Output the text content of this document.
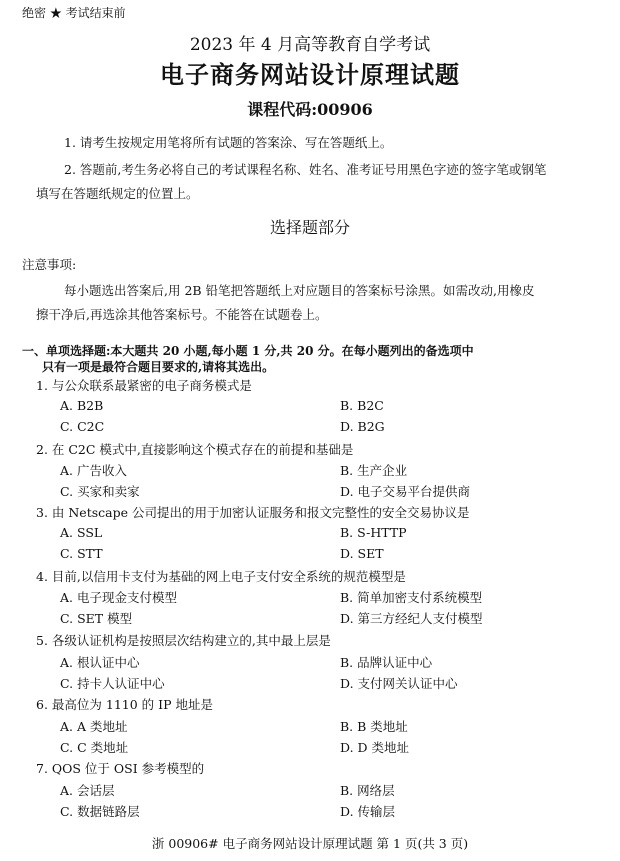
绝密 ★ 考试结束前
2023 年 4 月高等教育自学考试
电子商务网站设计原理试题
课程代码:00906
1. 请考生按规定用笔将所有试题的答案涂、写在答题纸上。
2. 答题前,考生务必将自己的考试课程名称、姓名、准考证号用黑色字迹的签字笔或钢笔
填写在答题纸规定的位置上。
选择题部分
注意事项:
每小题选出答案后,用 2B 铅笔把答题纸上对应题目的答案标号涂黑。如需改动,用橡皮
擦干净后,再选涂其他答案标号。不能答在试题卷上。
一、单项选择题:本大题共 20 小题,每小题 1 分,共 20 分。在每小题列出的备选项中
只有一项是最符合题目要求的,请将其选出。
1. 与公众联系最紧密的电子商务模式是
A. B2B	B. B2C
C. C2C	D. B2G
2. 在 C2C 模式中,直接影响这个模式存在的前提和基础是
A. 广告收入	B. 生产企业
C. 买家和卖家	D. 电子交易平台提供商
3. 由 Netscape 公司提出的用于加密认证服务和报文完整性的安全交易协议是
A. SSL	B. S-HTTP
C. STT	D. SET
4. 目前,以信用卡支付为基础的网上电子支付安全系统的规范模型是
A. 电子现金支付模型	B. 简单加密支付系统模型
C. SET 模型	D. 第三方经纪人支付模型
5. 各级认证机构是按照层次结构建立的,其中最上层是
A. 根认证中心	B. 品牌认证中心
C. 持卡人认证中心	D. 支付网关认证中心
6. 最高位为 1110 的 IP 地址是
A. A 类地址	B. B 类地址
C. C 类地址	D. D 类地址
7. QOS 位于 OSI 参考模型的
A. 会话层	B. 网络层
C. 数据链路层	D. 传输层
浙 00906# 电子商务网站设计原理试题 第 1 页(共 3 页)
